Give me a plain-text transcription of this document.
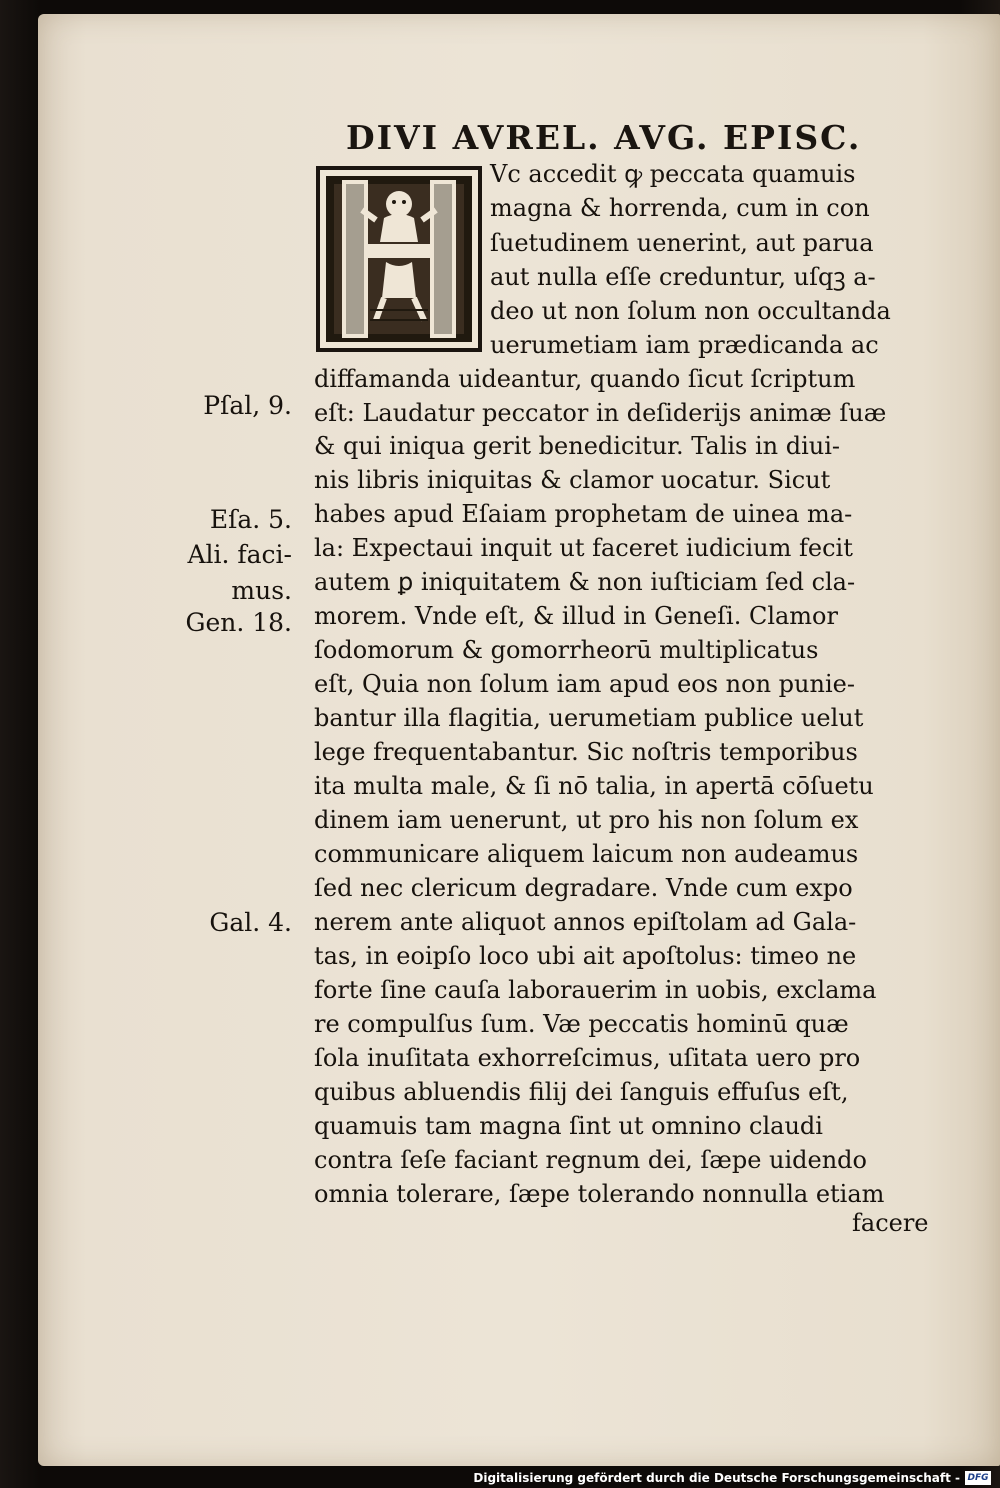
DIVI AVREL. AVG. EPISC.

Vc accedit ꝙ peccata quamuis

magna & horrenda, cum in con

ſuetudinem uenerint, aut parua

aut nulla eſſe creduntur, uſqꝫ a-

deo ut non ſolum non occultanda

uerumetiam iam prædicanda ac

diffamanda uideantur, quando ſicut ſcriptum

eſt: Laudatur peccator in deſiderijs animæ ſuæ

& qui iniqua gerit benedicitur. Talis in diui-

nis libris iniquitas & clamor uocatur. Sicut

habes apud Eſaiam prophetam de uinea ma-

la: Expectaui inquit ut faceret iudicium fecit

autem ꝑ iniquitatem & non iuſticiam ſed cla-

morem. Vnde eſt, & illud in Geneſi. Clamor

ſodomorum & gomorrheorū multiplicatus

eſt, Quia non ſolum iam apud eos non punie-

bantur illa flagitia, uerumetiam publice uelut

lege frequentabantur. Sic noſtris temporibus

ita multa male, & ſi nō talia, in apertā cōſuetu

dinem iam uenerunt, ut pro his non ſolum ex

communicare aliquem laicum non audeamus

ſed nec clericum degradare. Vnde cum expo

nerem ante aliquot annos epiſtolam ad Gala-

tas, in eoipſo loco ubi ait apoſtolus: timeo ne

forte ſine cauſa laborauerim in uobis, exclama

re compulſus ſum. Væ peccatis hominū quæ

ſola inuſitata exhorreſcimus, uſitata uero pro

quibus abluendis filij dei ſanguis effuſus eſt,

quamuis tam magna ſint ut omnino claudi

contra ſeſe faciant regnum dei, ſæpe uidendo

omnia tolerare, ſæpe tolerando nonnulla etiam

facere

Pſal, 9.

Eſa. 5.

Ali. faci-

mus.

Gen. 18.

Gal. 4.

Digitalisierung gefördert durch die Deutsche Forschungsgemeinschaft - DFG
